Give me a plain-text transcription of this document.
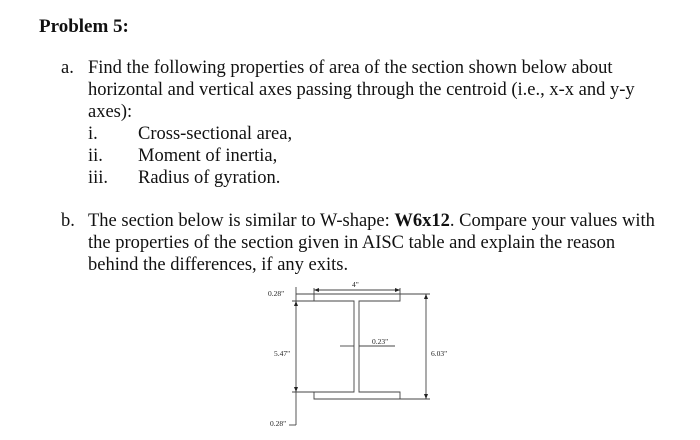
Problem 5:
a. Find the following properties of area of the section shown below about
horizontal and vertical axes passing through the centroid (i.e., x-x and y-y
axes):
i. Cross-sectional area,
ii. Moment of inertia,
iii. Radius of gyration.
b. The section below is similar to W-shape: W6x12. Compare your values with
the properties of the section given in AISC table and explain the reason
behind the differences, if any exits.
0.28"
4"
0.23"
5.47"	6.03"
0.28"
